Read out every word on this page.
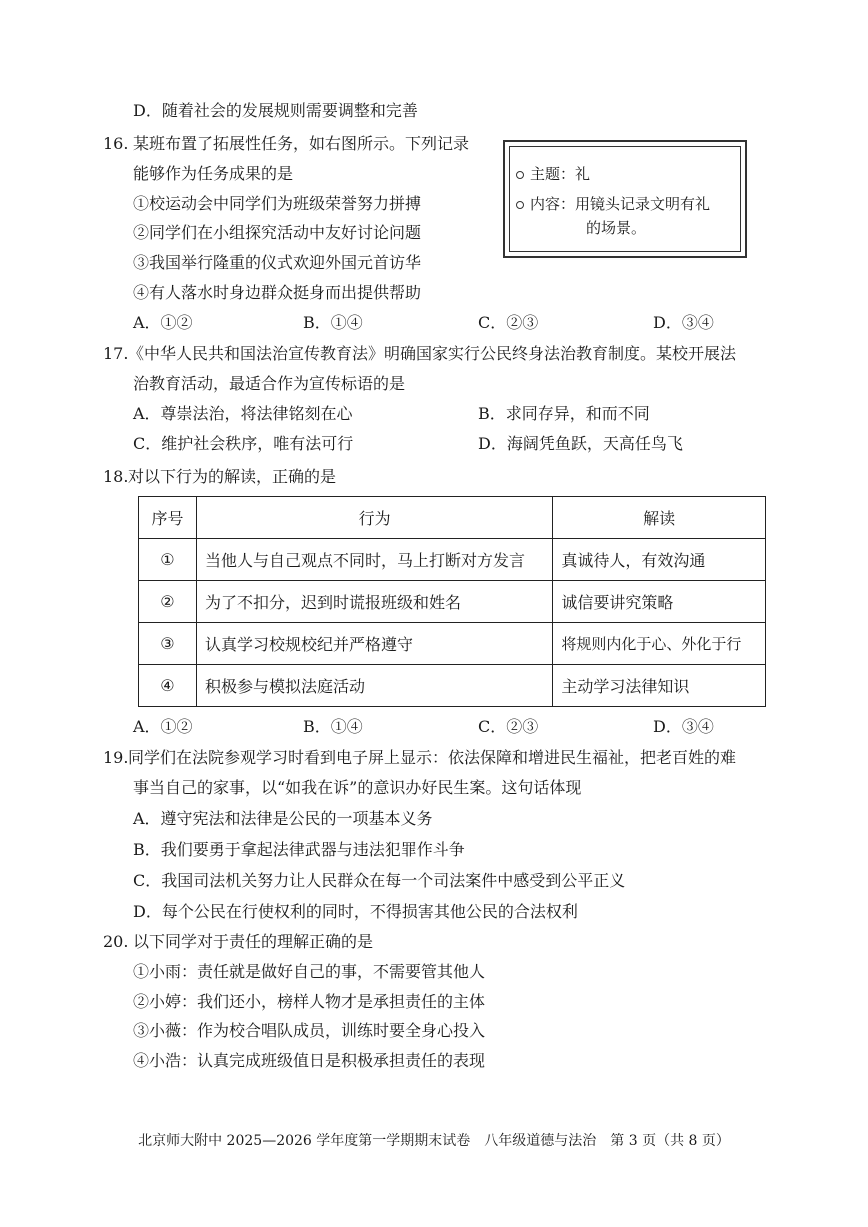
D．随着社会的发展规则需要调整和完善
16. 某班布置了拓展性任务，如右图所示。下列记录
能够作为任务成果的是
①校运动会中同学们为班级荣誉努力拼搏
②同学们在小组探究活动中友好讨论问题
③我国举行隆重的仪式欢迎外国元首访华
④有人落水时身边群众挺身而出提供帮助
主题：礼
内容：用镜头记录文明有礼
的场景。
A．①②	B．①④	C．②③	D．③④
17. 《中华人民共和国法治宣传教育法》明确国家实行公民终身法治教育制度。某校开展法
治教育活动，最适合作为宣传标语的是
A．尊崇法治，将法律铭刻在心	B．求同存异，和而不同
C．维护社会秩序，唯有法可行	D．海阔凭鱼跃，天高任鸟飞
18. 对以下行为的解读，正确的是
序号	行为	解读
①	当他人与自己观点不同时，马上打断对方发言	真诚待人，有效沟通
②	为了不扣分，迟到时谎报班级和姓名	诚信要讲究策略
③	认真学习校规校纪并严格遵守	将规则内化于心、外化于行
④	积极参与模拟法庭活动	主动学习法律知识
A．①②	B．①④	C．②③	D．③④
19. 同学们在法院参观学习时看到电子屏上显示：依法保障和增进民生福祉，把老百姓的难
事当自己的家事，以“如我在诉”的意识办好民生案。这句话体现
A．遵守宪法和法律是公民的一项基本义务
B．我们要勇于拿起法律武器与违法犯罪作斗争
C．我国司法机关努力让人民群众在每一个司法案件中感受到公平正义
D．每个公民在行使权利的同时，不得损害其他公民的合法权利
20. 以下同学对于责任的理解正确的是
①小雨：责任就是做好自己的事，不需要管其他人
②小婷：我们还小，榜样人物才是承担责任的主体
③小薇：作为校合唱队成员，训练时要全身心投入
④小浩：认真完成班级值日是积极承担责任的表现
北京师大附中 2025—2026 学年度第一学期期末试卷　八年级道德与法治　第 3 页（共 8 页）
